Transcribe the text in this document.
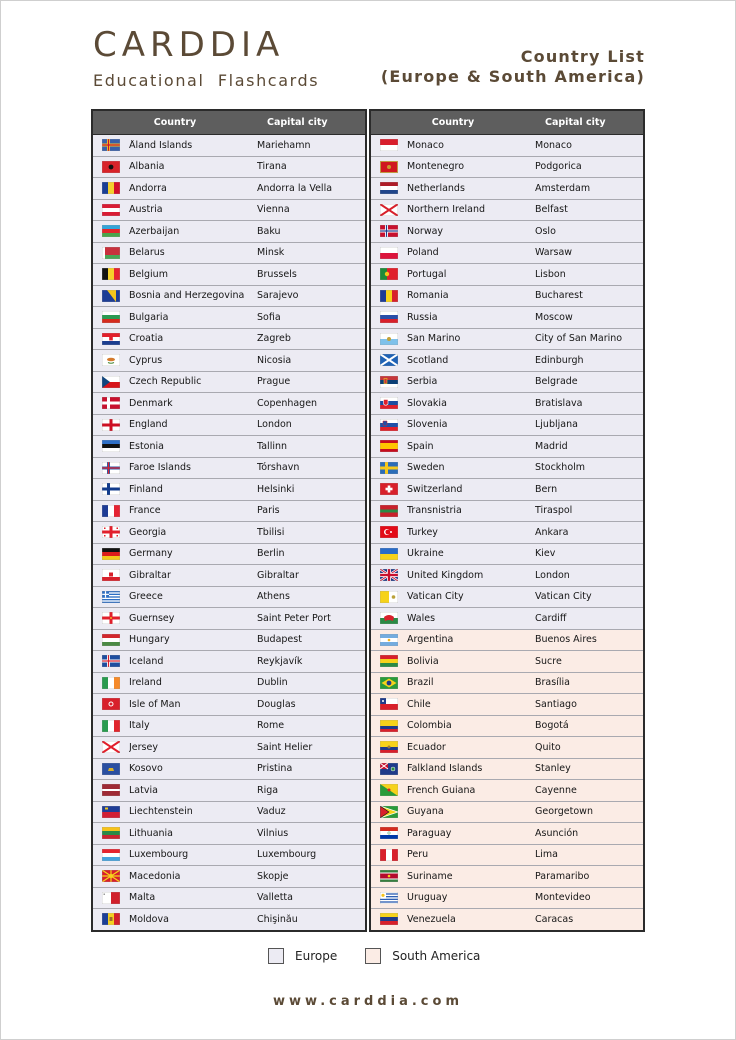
CARDDIA
Educational  Flashcards
Country List
(Europe & South America)
Country	Capital city
Åland Islands	Mariehamn
Albania	Tirana
Andorra	Andorra la Vella
Austria	Vienna
Azerbaijan	Baku
Belarus	Minsk
Belgium	Brussels
Bosnia and Herzegovina	Sarajevo
Bulgaria	Sofia
Croatia	Zagreb
Cyprus	Nicosia
Czech Republic	Prague
Denmark	Copenhagen
England	London
Estonia	Tallinn
Faroe Islands	Tórshavn
Finland	Helsinki
France	Paris
Georgia	Tbilisi
Germany	Berlin
Gibraltar	Gibraltar
Greece	Athens
Guernsey	Saint Peter Port
Hungary	Budapest
Iceland	Reykjavík
Ireland	Dublin
Isle of Man	Douglas
Italy	Rome
Jersey	Saint Helier
Kosovo	Pristina
Latvia	Riga
Liechtenstein	Vaduz
Lithuania	Vilnius
Luxembourg	Luxembourg
Macedonia	Skopje
Malta	Valletta
Moldova	Chişinău
Country	Capital city
Monaco	Monaco
Montenegro	Podgorica
Netherlands	Amsterdam
Northern Ireland	Belfast
Norway	Oslo
Poland	Warsaw
Portugal	Lisbon
Romania	Bucharest
Russia	Moscow
San Marino	City of San Marino
Scotland	Edinburgh
Serbia	Belgrade
Slovakia	Bratislava
Slovenia	Ljubljana
Spain	Madrid
Sweden	Stockholm
Switzerland	Bern
Transnistria	Tiraspol
Turkey	Ankara
Ukraine	Kiev
United Kingdom	London
Vatican City	Vatican City
Wales	Cardiff
Argentina	Buenos Aires
Bolivia	Sucre
Brazil	Brasília
Chile	Santiago
Colombia	Bogotá
Ecuador	Quito
Falkland Islands	Stanley
French Guiana	Cayenne
Guyana	Georgetown
Paraguay	Asunción
Peru	Lima
Suriname	Paramaribo
Uruguay	Montevideo
Venezuela	Caracas
Europe	South America
www.carddia.com
